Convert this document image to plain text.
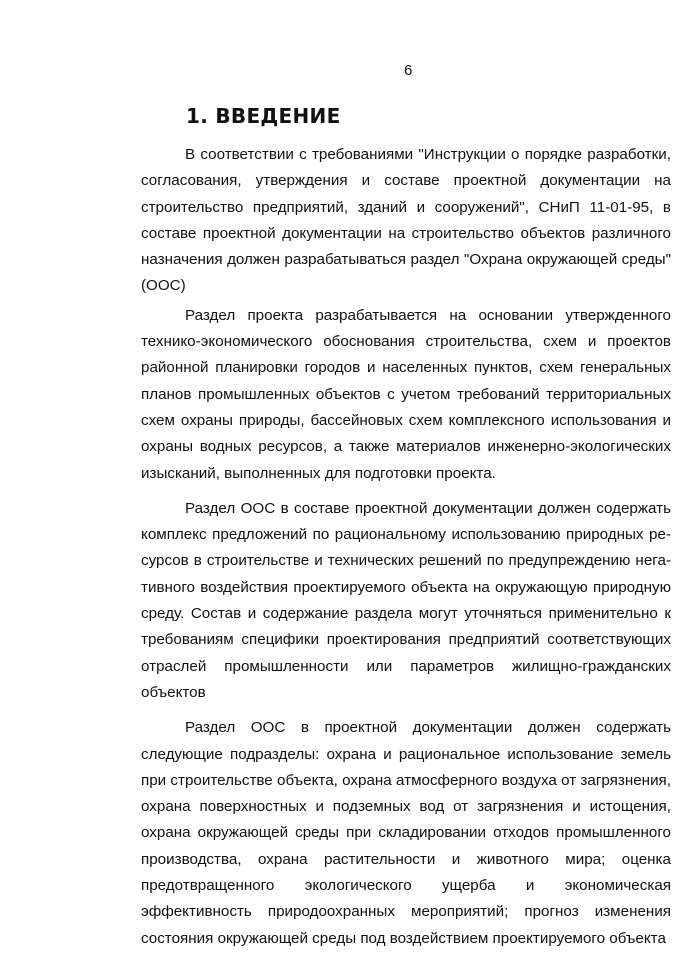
6
1. ВВЕДЕНИЕ

В соответствии с требованиями "Инструкции о порядке разработки, согласования, утверждения и составе проектной документации на строительство предприятий, зданий и сооружений", СНиП 11-01-95, в составе проектной документации на строительство объектов различного назначения должен разрабатываться раздел "Охрана окружающей среды" (ООС)

Раздел проекта разрабатывается на основании утвержденного технико-экономического обоснования строительства, схем и проектов районной планировки городов и населенных пунктов, схем генеральных планов промышленных объектов с учетом требований территориальных схем охраны природы, бассейновых схем комплексного использования и охраны водных ресурсов, а также материалов инженерно-экологических изысканий, выполненных для подготовки проекта.

Раздел ООС в составе проектной документации должен содержать комплекс предложений по рациональному использованию природных ресурсов в строительстве и технических решений по предупреждению негативного воздействия проектируемого объекта на окружающую природную среду. Состав и содержание раздела могут уточняться применительно к требованиям специфики проектирования предприятий соответствующих отраслей промышленности или параметров жилищно-гражданских объектов

Раздел ООС в проектной документации должен содержать следующие подразделы: охрана и рациональное использование земель при строительстве объекта, охрана атмосферного воздуха от загрязнения, охрана поверхностных и подземных вод от загрязнения и истощения, охрана окружающей среды при складировании отходов промышленного производства, охрана растительности и животного мира; оценка предотвращенного экологического ущерба и экономическая эффективность природоохранных мероприятий; прогноз изменения состояния окружающей среды под воздействием проектируемого объекта
